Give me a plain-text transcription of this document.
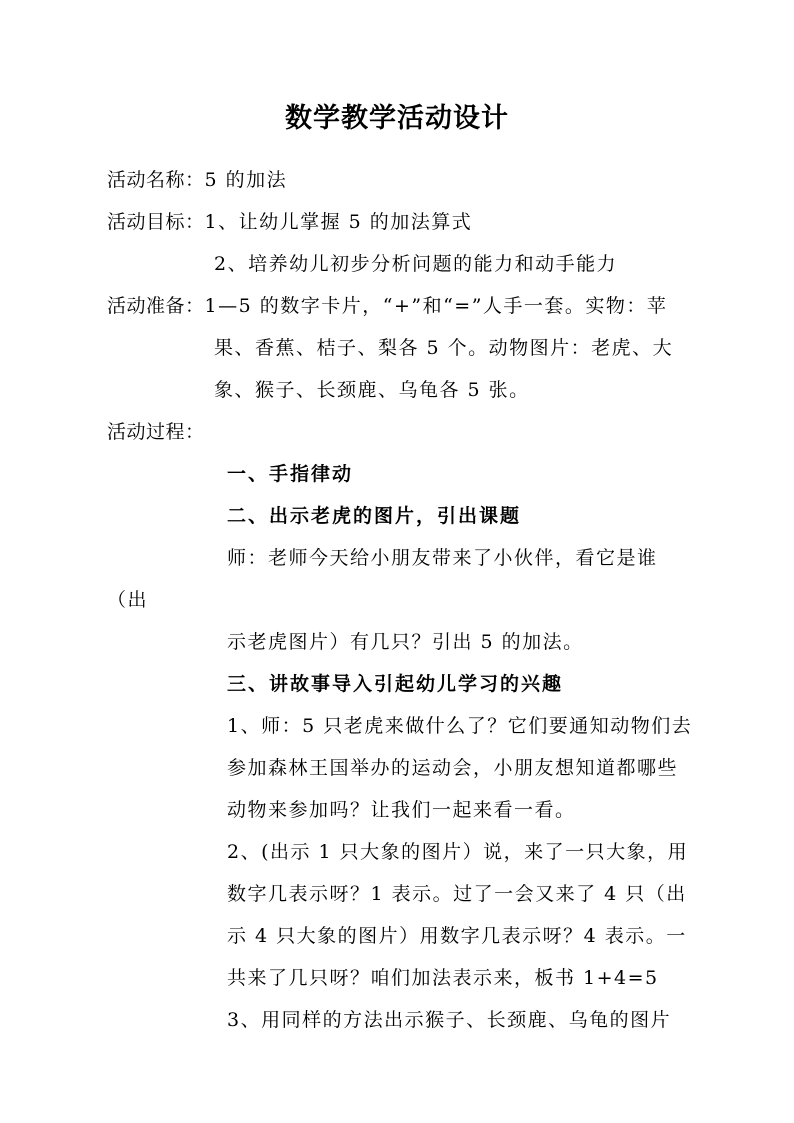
数学教学活动设计
活动名称：5 的加法
活动目标：1、让幼儿掌握 5 的加法算式
2、培养幼儿初步分析问题的能力和动手能力
活动准备：1—5 的数字卡片，“+”和“=”人手一套。实物：苹
果、香蕉、桔子、梨各 5 个。动物图片：老虎、大
象、猴子、长颈鹿、乌龟各 5 张。
活动过程：
一、手指律动
二、出示老虎的图片，引出课题
师：老师今天给小朋友带来了小伙伴，看它是谁
（出
示老虎图片）有几只？引出 5 的加法。
三、讲故事导入引起幼儿学习的兴趣
1、师：5 只老虎来做什么了？它们要通知动物们去
参加森林王国举办的运动会，小朋友想知道都哪些
动物来参加吗？让我们一起来看一看。
2、(出示 1 只大象的图片）说，来了一只大象，用
数字几表示呀？1 表示。过了一会又来了 4 只（出
示 4 只大象的图片）用数字几表示呀？4 表示。一
共来了几只呀？咱们加法表示来，板书 1+4=5
3、用同样的方法出示猴子、长颈鹿、乌龟的图片
